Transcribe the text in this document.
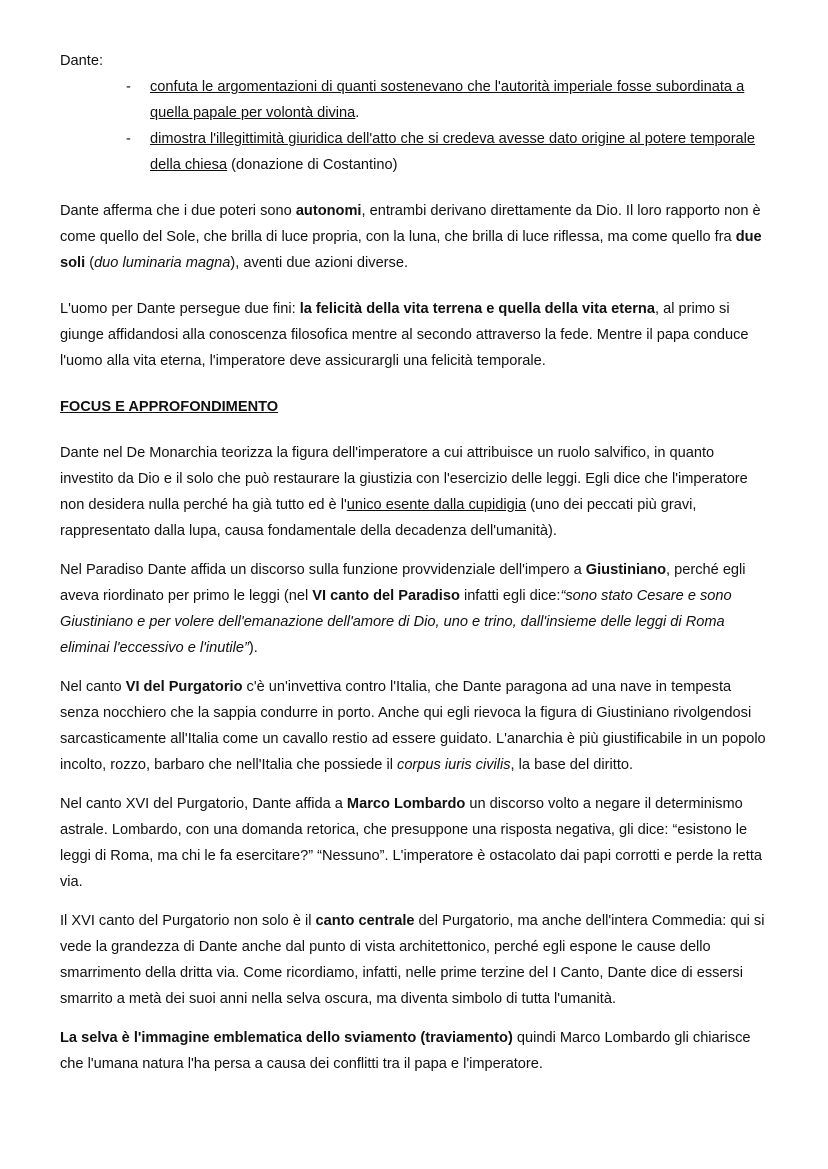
Dante:

- confuta le argomentazioni di quanti sostenevano che l'autorità imperiale fosse subordinata a quella papale per volontà divina.
- dimostra l'illegittimità giuridica dell'atto che si credeva avesse dato origine al potere temporale della chiesa (donazione di Costantino)

Dante afferma che i due poteri sono autonomi, entrambi derivano direttamente da Dio. Il loro rapporto non è come quello del Sole, che brilla di luce propria, con la luna, che brilla di luce riflessa, ma come quello fra due soli (duo luminaria magna), aventi due azioni diverse.

L'uomo per Dante persegue due fini: la felicità della vita terrena e quella della vita eterna, al primo si giunge affidandosi alla conoscenza filosofica mentre al secondo attraverso la fede. Mentre il papa conduce l'uomo alla vita eterna, l'imperatore deve assicurargli una felicità temporale.

FOCUS E APPROFONDIMENTO

Dante nel De Monarchia teorizza la figura dell'imperatore a cui attribuisce un ruolo salvifico, in quanto investito da Dio e il solo che può restaurare la giustizia con l'esercizio delle leggi. Egli dice che l'imperatore non desidera nulla perché ha già tutto ed è l'unico esente dalla cupidigia (uno dei peccati più gravi, rappresentato dalla lupa, causa fondamentale della decadenza dell'umanità).

Nel Paradiso Dante affida un discorso sulla funzione provvidenziale dell'impero a Giustiniano, perché egli aveva riordinato per primo le leggi (nel VI canto del Paradiso infatti egli dice:“sono stato Cesare e sono Giustiniano e per volere dell'emanazione dell'amore di Dio, uno e trino, dall'insieme delle leggi di Roma eliminai l'eccessivo e l'inutile”).

Nel canto VI del Purgatorio c'è un'invettiva contro l'Italia, che Dante paragona ad una nave in tempesta senza nocchiero che la sappia condurre in porto. Anche qui egli rievoca la figura di Giustiniano rivolgendosi sarcasticamente all'Italia come un cavallo restio ad essere guidato. L'anarchia è più giustificabile in un popolo incolto, rozzo, barbaro che nell'Italia che possiede il corpus iuris civilis, la base del diritto.

Nel canto XVI del Purgatorio, Dante affida a Marco Lombardo un discorso volto a negare il determinismo astrale. Lombardo, con una domanda retorica, che presuppone una risposta negativa, gli dice: “esistono le leggi di Roma, ma chi le fa esercitare?” “Nessuno”. L'imperatore è ostacolato dai papi corrotti e perde la retta via.

Il XVI canto del Purgatorio non solo è il canto centrale del Purgatorio, ma anche dell'intera Commedia: qui si vede la grandezza di Dante anche dal punto di vista architettonico, perché egli espone le cause dello smarrimento della dritta via. Come ricordiamo, infatti, nelle prime terzine del I Canto, Dante dice di essersi smarrito a metà dei suoi anni nella selva oscura, ma diventa simbolo di tutta l'umanità.

La selva è l'immagine emblematica dello sviamento (traviamento) quindi Marco Lombardo gli chiarisce che l'umana natura l'ha persa a causa dei conflitti tra il papa e l'imperatore.
